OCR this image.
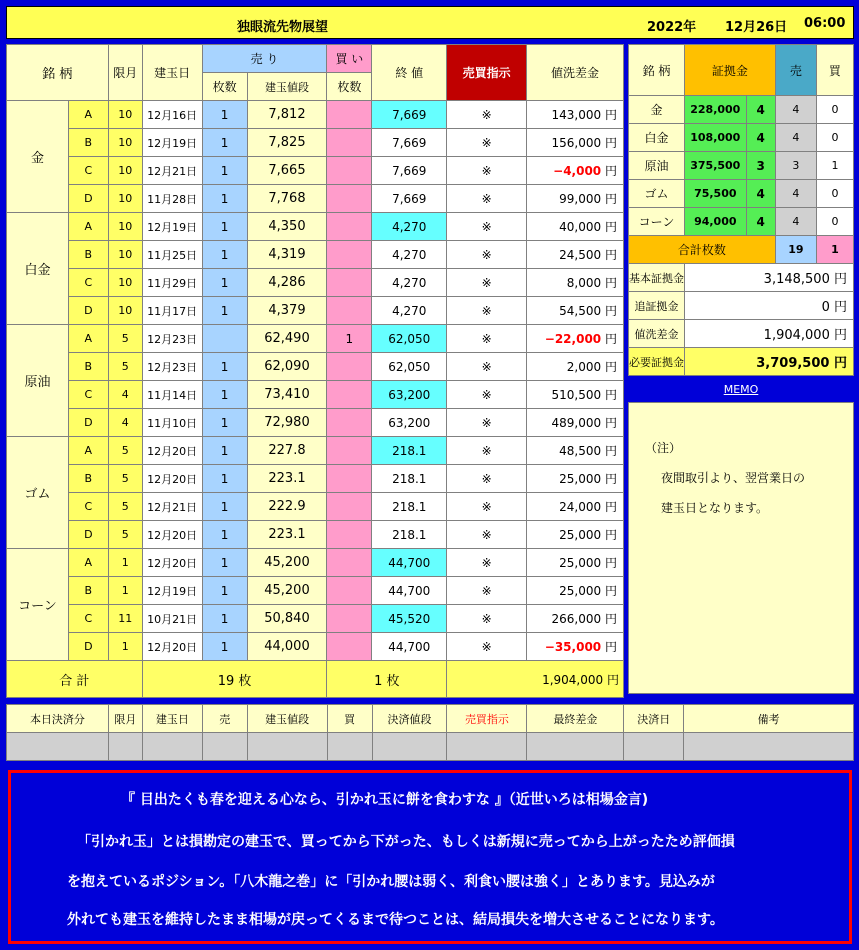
独眼流先物展望	2022年 12月26日 06:00
銘 柄		限月	建玉日	売 り		買 い	終 値	売買指示	値洗差金
				枚数	建玉値段	枚数			
金	A	10	12月16日	1	7,812		7,669	※	143,000 円
	B	10	12月19日	1	7,825		7,669	※	156,000 円
	C	10	12月21日	1	7,665		7,669	※	−4,000 円
	D	10	11月28日	1	7,768		7,669	※	99,000 円
白金	A	10	12月19日	1	4,350		4,270	※	40,000 円
	B	10	11月25日	1	4,319		4,270	※	24,500 円
	C	10	11月29日	1	4,286		4,270	※	8,000 円
	D	10	11月17日	1	4,379		4,270	※	54,500 円
原油	A	5	12月23日		62,490	1	62,050	※	−22,000 円
	B	5	12月23日	1	62,090		62,050	※	2,000 円
	C	4	11月14日	1	73,410		63,200	※	510,500 円
	D	4	11月10日	1	72,980		63,200	※	489,000 円
ゴム	A	5	12月20日	1	227.8		218.1	※	48,500 円
	B	5	12月20日	1	223.1		218.1	※	25,000 円
	C	5	12月21日	1	222.9		218.1	※	24,000 円
	D	5	12月20日	1	223.1		218.1	※	25,000 円
コーン	A	1	12月20日	1	45,200		44,700	※	25,000 円
	B	1	12月19日	1	45,200		44,700	※	25,000 円
	C	11	10月21日	1	50,840		45,520	※	266,000 円
	D	1	12月20日	1	44,000		44,700	※	−35,000 円
合 計			19 枚			1 枚		1,904,000 円	
銘 柄	証拠金		売	買
金	228,000	4	4	0
白金	108,000	4	4	0
原油	375,500	3	3	1
ゴム	75,500	4	4	0
コーン	94,000	4	4	0
合計枚数			19	1
基本証拠金	3,148,500 円			
追証拠金	0 円			
値洗差金	1,904,000 円			
必要証拠金	3,709,500 円			
MEMO
（注）
夜間取引より、翌営業日の
建玉日となります。
本日決済分	限月	建玉日	売	建玉値段	買	決済値段	売買指示	最終差金	決済日	備考

『 目出たくも春を迎える心なら、引かれ玉に餅を食わすな 』（近世いろは相場金言)

「引かれ玉」とは損勘定の建玉で、買ってから下がった、もしくは新規に売ってから上がったため評価損

を抱えているポジション。「八木龍之巻」に「引かれ腰は弱く、利食い腰は強く」とあります。見込みが

外れても建玉を維持したまま相場が戻ってくるまで待つことは、結局損失を増大させることになります。
